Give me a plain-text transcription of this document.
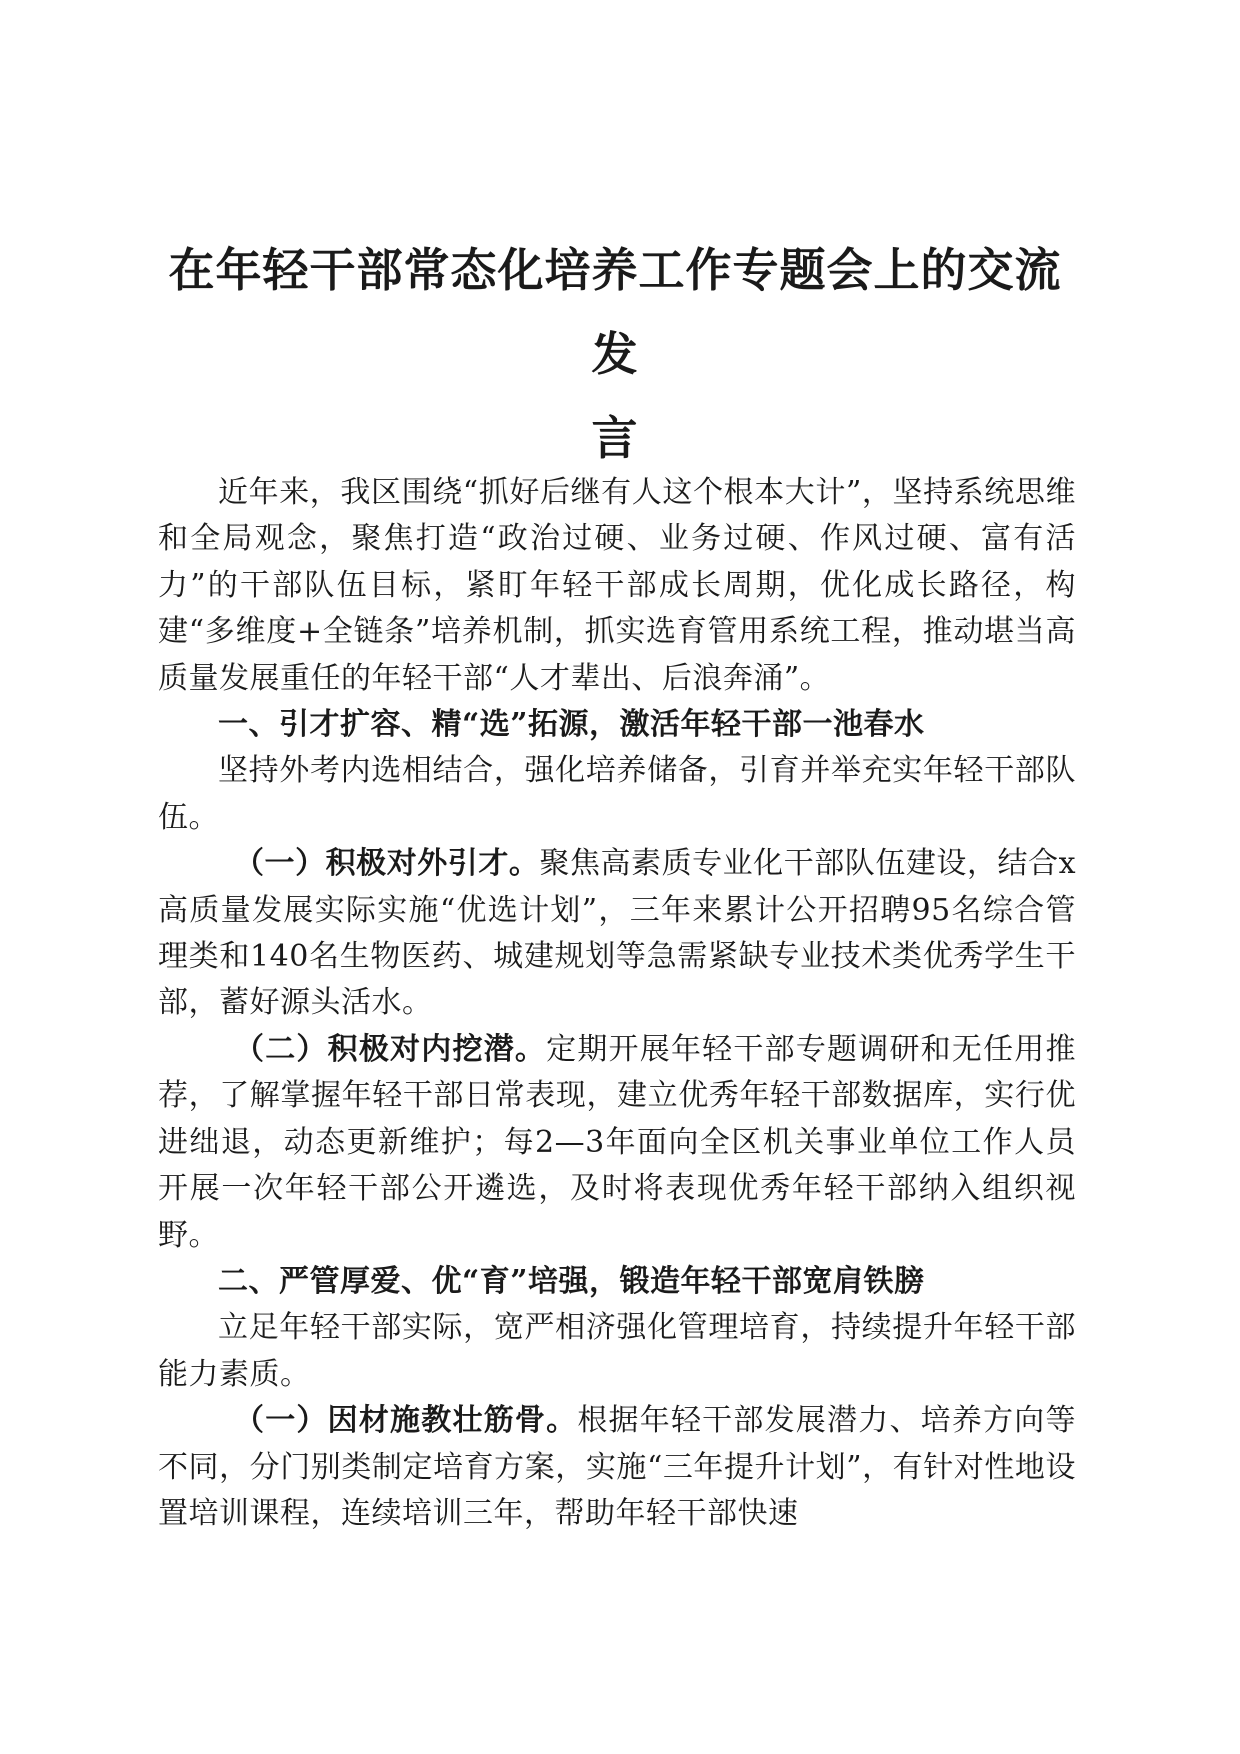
在年轻干部常态化培养工作专题会上的交流发
言

近年来，我区围绕“抓好后继有人这个根本大计”，坚持系统思维和全局观念，聚焦打造“政治过硬、业务过硬、作风过硬、富有活力”的干部队伍目标，紧盯年轻干部成长周期，优化成长路径，构建“多维度+全链条”培养机制，抓实选育管用系统工程，推动堪当高质量发展重任的年轻干部“人才辈出、后浪奔涌”。

一、引才扩容、精“选”拓源，激活年轻干部一池春水

坚持外考内选相结合，强化培养储备，引育并举充实年轻干部队伍。

（一）积极对外引才。聚焦高素质专业化干部队伍建设，结合x高质量发展实际实施“优选计划”，三年来累计公开招聘95名综合管理类和140名生物医药、城建规划等急需紧缺专业技术类优秀学生干部，蓄好源头活水。

（二）积极对内挖潜。定期开展年轻干部专题调研和无任用推荐，了解掌握年轻干部日常表现，建立优秀年轻干部数据库，实行优进绌退，动态更新维护；每2—3年面向全区机关事业单位工作人员开展一次年轻干部公开遴选，及时将表现优秀年轻干部纳入组织视野。

二、严管厚爱、优“育”培强，锻造年轻干部宽肩铁膀

立足年轻干部实际，宽严相济强化管理培育，持续提升年轻干部能力素质。

（一）因材施教壮筋骨。根据年轻干部发展潜力、培养方向等不同，分门别类制定培育方案，实施“三年提升计划”，有针对性地设置培训课程，连续培训三年，帮助年轻干部快速
